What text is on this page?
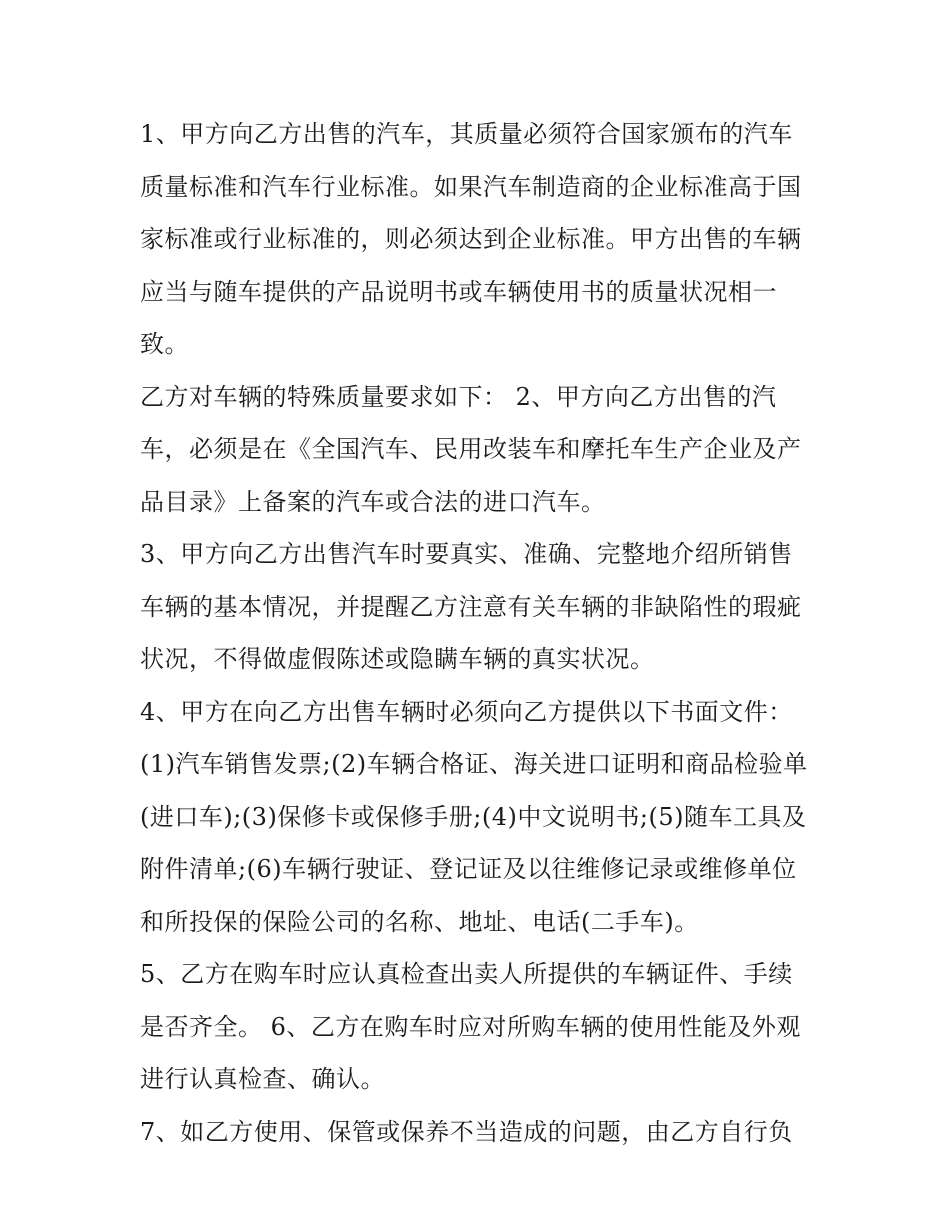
1、甲方向乙方出售的汽车，其质量必须符合国家颁布的汽车
质量标准和汽车行业标准。如果汽车制造商的企业标准高于国
家标准或行业标准的，则必须达到企业标准。甲方出售的车辆
应当与随车提供的产品说明书或车辆使用书的质量状况相一
致。

乙方对车辆的特殊质量要求如下： 2、甲方向乙方出售的汽
车，必须是在《全国汽车、民用改装车和摩托车生产企业及产
品目录》上备案的汽车或合法的进口汽车。

3、甲方向乙方出售汽车时要真实、准确、完整地介绍所销售
车辆的基本情况，并提醒乙方注意有关车辆的非缺陷性的瑕疵
状况，不得做虚假陈述或隐瞒车辆的真实状况。

4、甲方在向乙方出售车辆时必须向乙方提供以下书面文件：
(1)汽车销售发票;(2)车辆合格证、海关进口证明和商品检验单
(进口车);(3)保修卡或保修手册;(4)中文说明书;(5)随车工具及
附件清单;(6)车辆行驶证、登记证及以往维修记录或维修单位
和所投保的保险公司的名称、地址、电话(二手车)。

5、乙方在购车时应认真检查出卖人所提供的车辆证件、手续
是否齐全。 6、乙方在购车时应对所购车辆的使用性能及外观
进行认真检查、确认。

7、如乙方使用、保管或保养不当造成的问题，由乙方自行负
